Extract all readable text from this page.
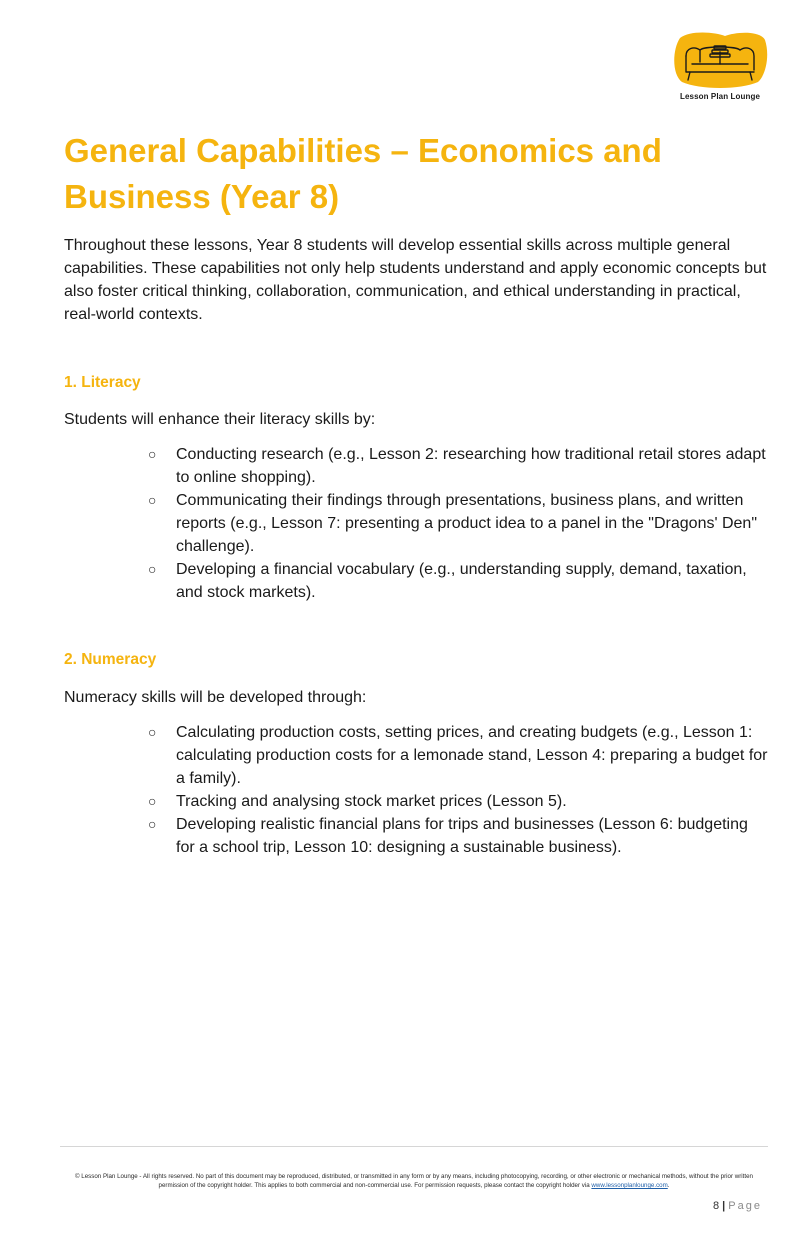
Lesson Plan Lounge
General Capabilities – Economics and Business (Year 8)

Throughout these lessons, Year 8 students will develop essential skills across multiple general capabilities. These capabilities not only help students understand and apply economic concepts but also foster critical thinking, collaboration, communication, and ethical understanding in practical, real-world contexts.

1. Literacy

Students will enhance their literacy skills by:

○ Conducting research (e.g., Lesson 2: researching how traditional retail stores adapt to online shopping).
○ Communicating their findings through presentations, business plans, and written reports (e.g., Lesson 7: presenting a product idea to a panel in the "Dragons' Den" challenge).
○ Developing a financial vocabulary (e.g., understanding supply, demand, taxation, and stock markets).
2. Numeracy

Numeracy skills will be developed through:

○ Calculating production costs, setting prices, and creating budgets (e.g., Lesson 1: calculating production costs for a lemonade stand, Lesson 4: preparing a budget for a family).
○ Tracking and analysing stock market prices (Lesson 5).
○ Developing realistic financial plans for trips and businesses (Lesson 6: budgeting for a school trip, Lesson 10: designing a sustainable business).
© Lesson Plan Lounge - All rights reserved. No part of this document may be reproduced, distributed, or transmitted in any form or by any means, including photocopying, recording, or other electronic or mechanical methods, without the prior written permission of the copyright holder. This applies to both commercial and non-commercial use. For permission requests, please contact the copyright holder via www.lessonplanlounge.com.
8 | Page
